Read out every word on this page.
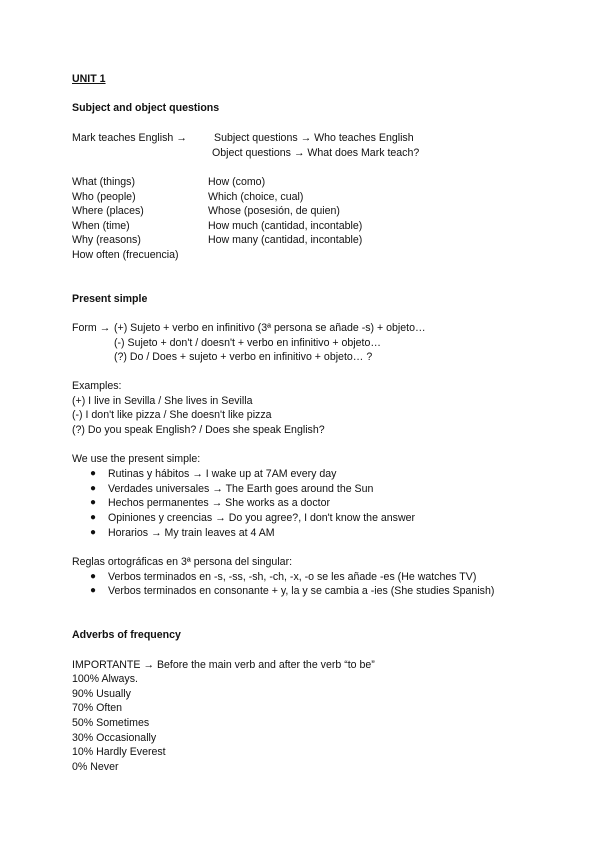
UNIT 1
Subject and object questions
Mark teaches English →	Subject questions → Who teaches English
Object questions → What does Mark teach?
What (things)
Who (people)
Where (places)
When (time)
Why (reasons)
How often (frecuencia)
How (como)
Which (choice, cual)
Whose (posesión, de quien)
How much (cantidad, incontable)
How many (cantidad, incontable)
Present simple
Form → (+) Sujeto + verbo en infinitivo (3ª persona se añade -s) + objeto…
(-) Sujeto + don't / doesn't + verbo en infinitivo + objeto…
(?) Do / Does + sujeto + verbo en infinitivo + objeto… ?
Examples:
(+) I live in Sevilla / She lives in Sevilla
(-) I don't like pizza / She doesn't like pizza
(?) Do you speak English? / Does she speak English?
We use the present simple:
● Rutinas y hábitos → I wake up at 7AM every day
● Verdades universales → The Earth goes around the Sun
● Hechos permanentes → She works as a doctor
● Opiniones y creencias → Do you agree?, I don't know the answer
● Horarios → My train leaves at 4 AM
Reglas ortográficas en 3ª persona del singular:
● Verbos terminados en -s, -ss, -sh, -ch, -x, -o se les añade -es (He watches TV)
● Verbos terminados en consonante + y, la y se cambia a -ies (She studies Spanish)
Adverbs of frequency
IMPORTANTE → Before the main verb and after the verb “to be”
100% Always.
90% Usually
70% Often
50% Sometimes
30% Occasionally
10% Hardly Everest
0% Never
